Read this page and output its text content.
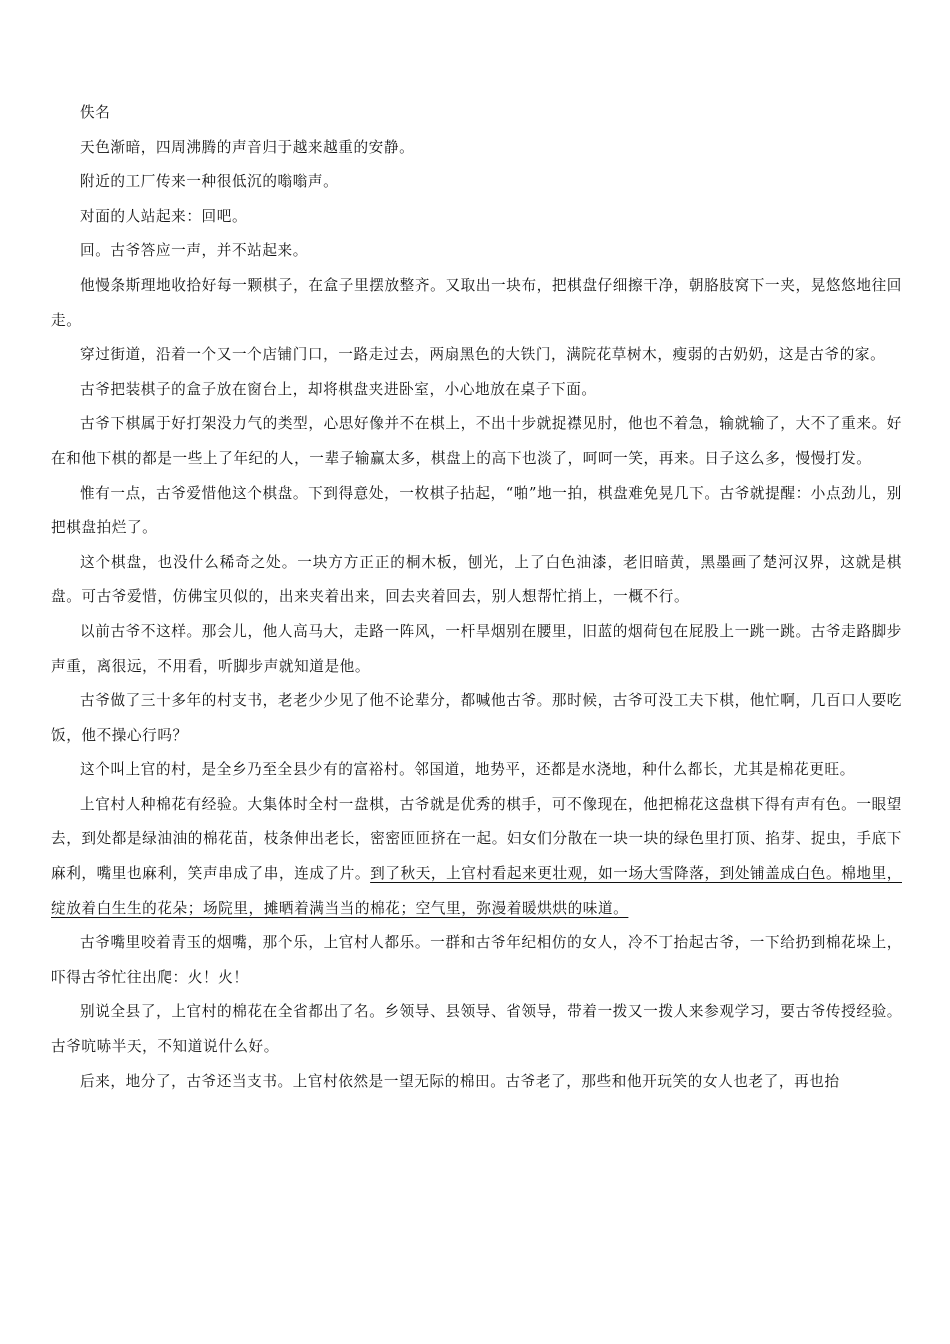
佚名

天色渐暗，四周沸腾的声音归于越来越重的安静。

附近的工厂传来一种很低沉的嗡嗡声。

对面的人站起来：回吧。

回。古爷答应一声，并不站起来。

他慢条斯理地收拾好每一颗棋子，在盒子里摆放整齐。又取出一块布，把棋盘仔细擦干净，朝胳肢窝下一夹，晃悠悠地往回走。

穿过街道，沿着一个又一个店铺门口，一路走过去，两扇黑色的大铁门，满院花草树木，瘦弱的古奶奶，这是古爷的家。

古爷把装棋子的盒子放在窗台上，却将棋盘夹进卧室，小心地放在桌子下面。

古爷下棋属于好打架没力气的类型，心思好像并不在棋上，不出十步就捉襟见肘，他也不着急，输就输了，大不了重来。好在和他下棋的都是一些上了年纪的人，一辈子输赢太多，棋盘上的高下也淡了，呵呵一笑，再来。日子这么多，慢慢打发。

惟有一点，古爷爱惜他这个棋盘。下到得意处，一枚棋子拈起，“啪”地一拍，棋盘难免晃几下。古爷就提醒：小点劲儿，别把棋盘拍烂了。

这个棋盘，也没什么稀奇之处。一块方方正正的桐木板，刨光，上了白色油漆，老旧暗黄，黑墨画了楚河汉界，这就是棋盘。可古爷爱惜，仿佛宝贝似的，出来夹着出来，回去夹着回去，别人想帮忙捎上，一概不行。

以前古爷不这样。那会儿，他人高马大，走路一阵风，一杆旱烟别在腰里，旧蓝的烟荷包在屁股上一跳一跳。古爷走路脚步声重，离很远，不用看，听脚步声就知道是他。

古爷做了三十多年的村支书，老老少少见了他不论辈分，都喊他古爷。那时候，古爷可没工夫下棋，他忙啊，几百口人要吃饭，他不操心行吗？

这个叫上官的村，是全乡乃至全县少有的富裕村。邻国道，地势平，还都是水浇地，种什么都长，尤其是棉花更旺。

上官村人种棉花有经验。大集体时全村一盘棋，古爷就是优秀的棋手，可不像现在，他把棉花这盘棋下得有声有色。一眼望去，到处都是绿油油的棉花苗，枝条伸出老长，密密匝匝挤在一起。妇女们分散在一块一块的绿色里打顶、掐芽、捉虫，手底下麻利，嘴里也麻利，笑声串成了串，连成了片。到了秋天，上官村看起来更壮观，如一场大雪降落，到处铺盖成白色。棉地里，绽放着白生生的花朵；场院里，摊晒着满当当的棉花；空气里，弥漫着暖烘烘的味道。

古爷嘴里咬着青玉的烟嘴，那个乐，上官村人都乐。一群和古爷年纪相仿的女人，冷不丁抬起古爷，一下给扔到棉花垛上，吓得古爷忙往出爬：火！火！

别说全县了，上官村的棉花在全省都出了名。乡领导、县领导、省领导，带着一拨又一拨人来参观学习，要古爷传授经验。古爷吭哧半天，不知道说什么好。

后来，地分了，古爷还当支书。上官村依然是一望无际的棉田。古爷老了，那些和他开玩笑的女人也老了，再也抬
